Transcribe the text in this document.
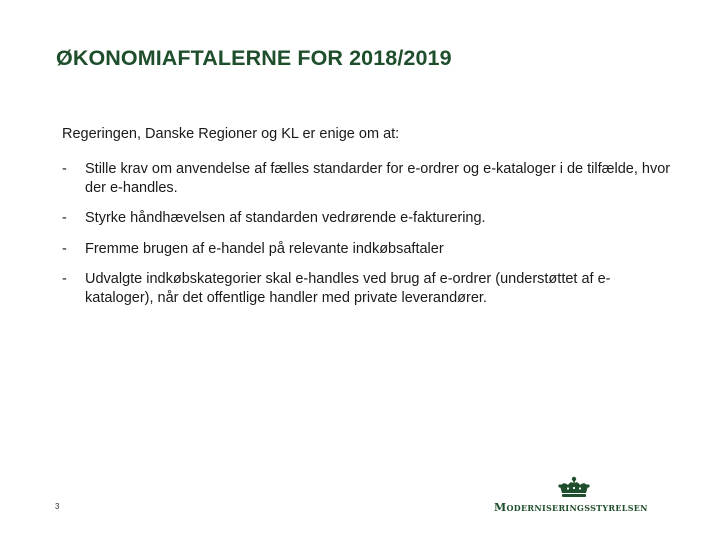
ØKONOMIAFTALERNE FOR 2018/2019
Regeringen, Danske Regioner og KL er enige om at:
- Stille krav om anvendelse af fælles standarder for e-ordrer og e-kataloger i de tilfælde, hvor der e-handles.
- Styrke håndhævelsen af standarden vedrørende e-fakturering.
- Fremme brugen af e-handel på relevante indkøbsaftaler
- Udvalgte indkøbskategorier skal e-handles ved brug af e-ordrer (understøttet af e-kataloger), når det offentlige handler med private leverandører.
3	Moderniseringsstyrelsen
